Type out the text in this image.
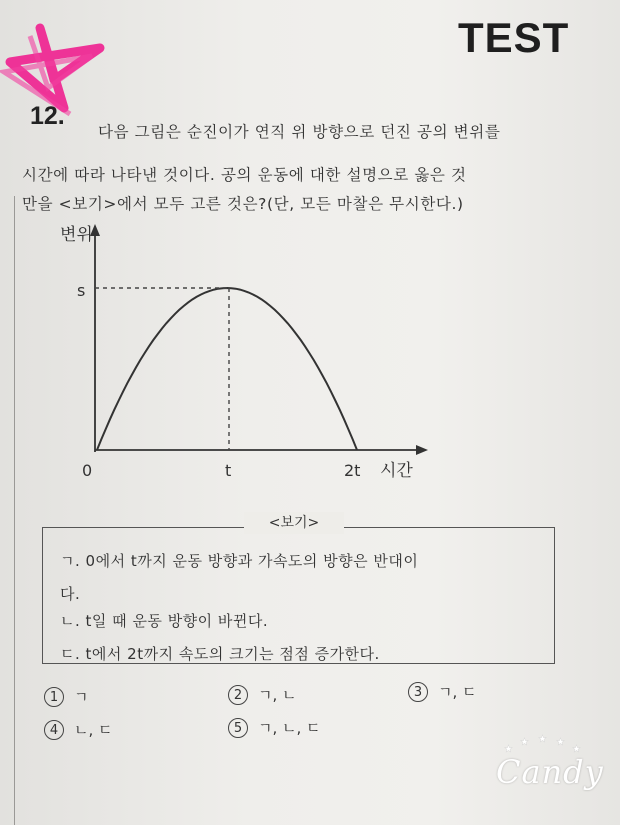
TEST
12.
다음 그림은 순진이가 연직 위 방향으로 던진 공의 변위를
시간에 따라 나타낸 것이다. 공의 운동에 대한 설명으로 옳은 것
만을 <보기>에서 모두 고른 것은?(단, 모든 마찰은 무시한다.)
변위
시간
s
0	t	2t
<보기>
ㄱ. 0에서 t까지 운동 방향과 가속도의 방향은 반대이
다.
ㄴ. t일 때 운동 방향이 바뀐다.
ㄷ. t에서 2t까지 속도의 크기는 점점 증가한다.
1	ㄱ	2	ㄱ, ㄴ	3	ㄱ, ㄷ
4	ㄴ, ㄷ	5	ㄱ, ㄴ, ㄷ
★
★ ★ ★
★
Candy
